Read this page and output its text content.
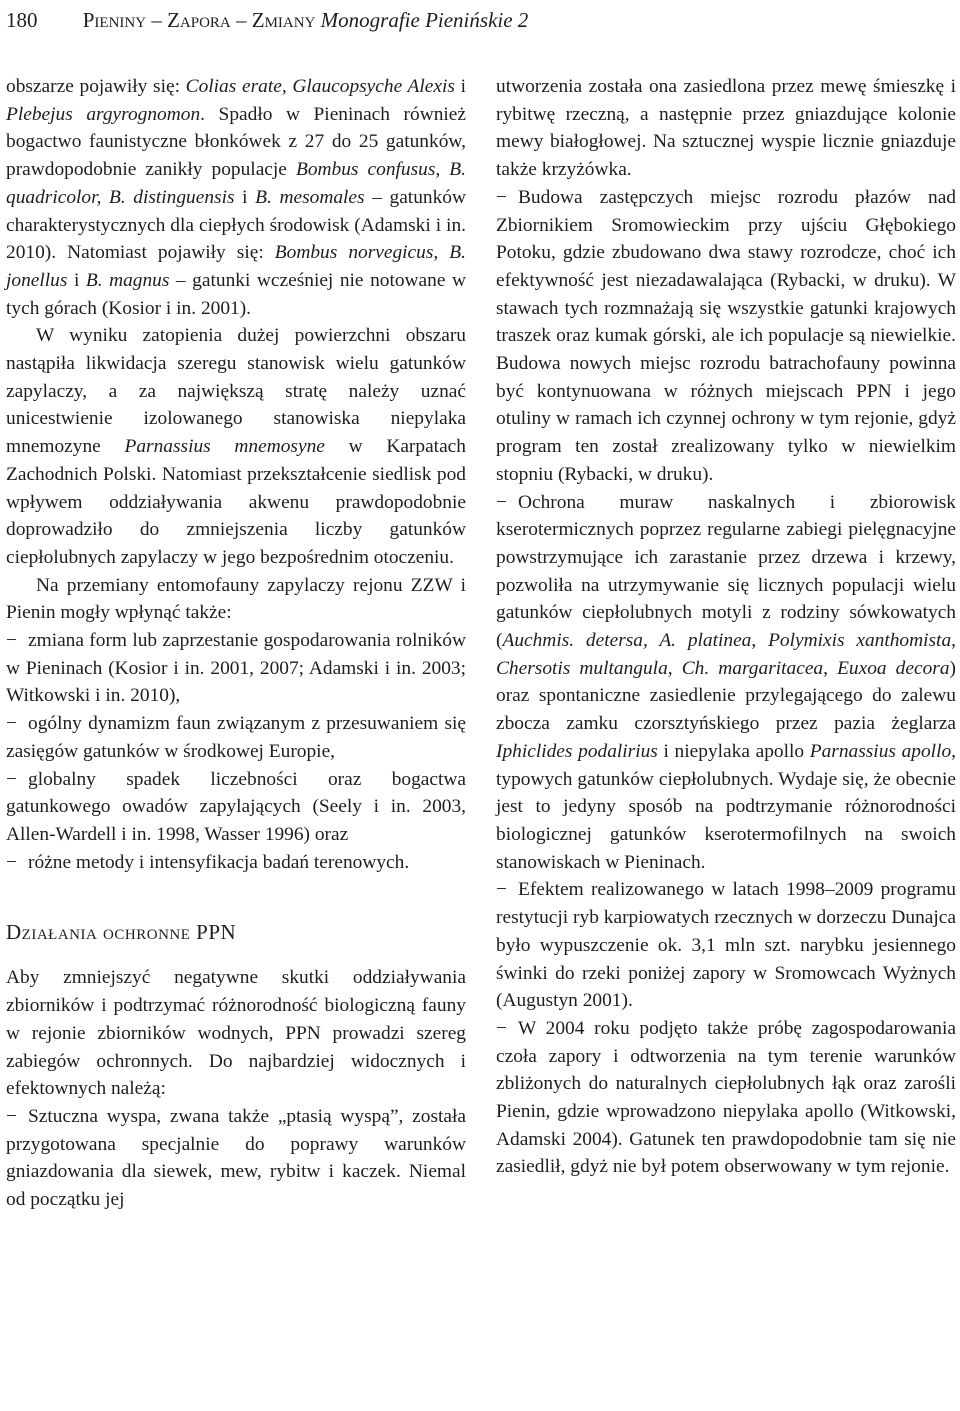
180 Pieniny – Zapora – Zmiany Monografie Pienińskie 2

obszarze pojawiły się: Colias erate, Glaucopsyche Alexis i Plebejus argyrognomon. Spadło w Pieninach również bogactwo faunistyczne błonkówek z 27 do 25 gatunków, prawdopodobnie zanikły populacje Bombus confusus, B. quadricolor, B. distinguensis i B. mesomales – gatunków charakterystycznych dla ciepłych środowisk (Adamski i in. 2010). Natomiast pojawiły się: Bombus norvegicus, B. jonellus i B. magnus – gatunki wcześniej nie notowane w tych górach (Kosior i in. 2001).

W wyniku zatopienia dużej powierzchni obszaru nastąpiła likwidacja szeregu stanowisk wielu gatunków zapylaczy, a za największą stratę należy uznać unicestwienie izolowanego stanowiska niepylaka mnemozyne Parnassius mnemosyne w Karpatach Zachodnich Polski. Natomiast przekształcenie siedlisk pod wpływem oddziaływania akwenu prawdopodobnie doprowadziło do zmniejszenia liczby gatunków ciepłolubnych zapylaczy w jego bezpośrednim otoczeniu.

Na przemiany entomofauny zapylaczy rejonu ZZW i Pienin mogły wpłynąć także:

− zmiana form lub zaprzestanie gospodarowania rolników w Pieninach (Kosior i in. 2001, 2007; Adamski i in. 2003; Witkowski i in. 2010),

− ogólny dynamizm faun związanym z przesuwaniem się zasięgów gatunków w środkowej Europie,

− globalny spadek liczebności oraz bogactwa gatunkowego owadów zapylających (Seely i in. 2003, Allen-Wardell i in. 1998, Wasser 1996) oraz

− różne metody i intensyfikacja badań terenowych.

Działania ochronne PPN

Aby zmniejszyć negatywne skutki oddziaływania zbiorników i podtrzymać różnorodność biologiczną fauny w rejonie zbiorników wodnych, PPN prowadzi szereg zabiegów ochronnych. Do najbardziej widocznych i efektownych należą:

− Sztuczna wyspa, zwana także „ptasią wyspą”, została przygotowana specjalnie do poprawy warunków gniazdowania dla siewek, mew, rybitw i kaczek. Niemal od początku jej

utworzenia została ona zasiedlona przez mewę śmieszkę i rybitwę rzeczną, a następnie przez gniazdujące kolonie mewy białogłowej. Na sztucznej wyspie licznie gniazduje także krzyżówka.

− Budowa zastępczych miejsc rozrodu płazów nad Zbiornikiem Sromowieckim przy ujściu Głębokiego Potoku, gdzie zbudowano dwa stawy rozrodcze, choć ich efektywność jest niezadawalająca (Rybacki, w druku). W stawach tych rozmnażają się wszystkie gatunki krajowych traszek oraz kumak górski, ale ich populacje są niewielkie. Budowa nowych miejsc rozrodu batrachofauny powinna być kontynuowana w różnych miejscach PPN i jego otuliny w ramach ich czynnej ochrony w tym rejonie, gdyż program ten został zrealizowany tylko w niewielkim stopniu (Rybacki, w druku).

− Ochrona muraw naskalnych i zbiorowisk kserotermicznych poprzez regularne zabiegi pielęgnacyjne powstrzymujące ich zarastanie przez drzewa i krzewy, pozwoliła na utrzymywanie się licznych populacji wielu gatunków ciepłolubnych motyli z rodziny sówkowatych (Auchmis. detersa, A. platinea, Polymixis xanthomista, Chersotis multangula, Ch. margaritacea, Euxoa decora) oraz spontaniczne zasiedlenie przylegającego do zalewu zbocza zamku czorsztyńskiego przez pazia żeglarza Iphiclides podalirius i niepylaka apollo Parnassius apollo, typowych gatunków ciepłolubnych. Wydaje się, że obecnie jest to jedyny sposób na podtrzymanie różnorodności biologicznej gatunków kserotermofilnych na swoich stanowiskach w Pieninach.

− Efektem realizowanego w latach 1998–2009 programu restytucji ryb karpiowatych rzecznych w dorzeczu Dunajca było wypuszczenie ok. 3,1 mln szt. narybku jesiennego świnki do rzeki poniżej zapory w Sromowcach Wyżnych (Augustyn 2001).

− W 2004 roku podjęto także próbę zagospodarowania czoła zapory i odtworzenia na tym terenie warunków zbliżonych do naturalnych ciepłolubnych łąk oraz zarośli Pienin, gdzie wprowadzono niepylaka apollo (Witkowski, Adamski 2004). Gatunek ten prawdopodobnie tam się nie zasiedlił, gdyż nie był potem obserwowany w tym rejonie.
